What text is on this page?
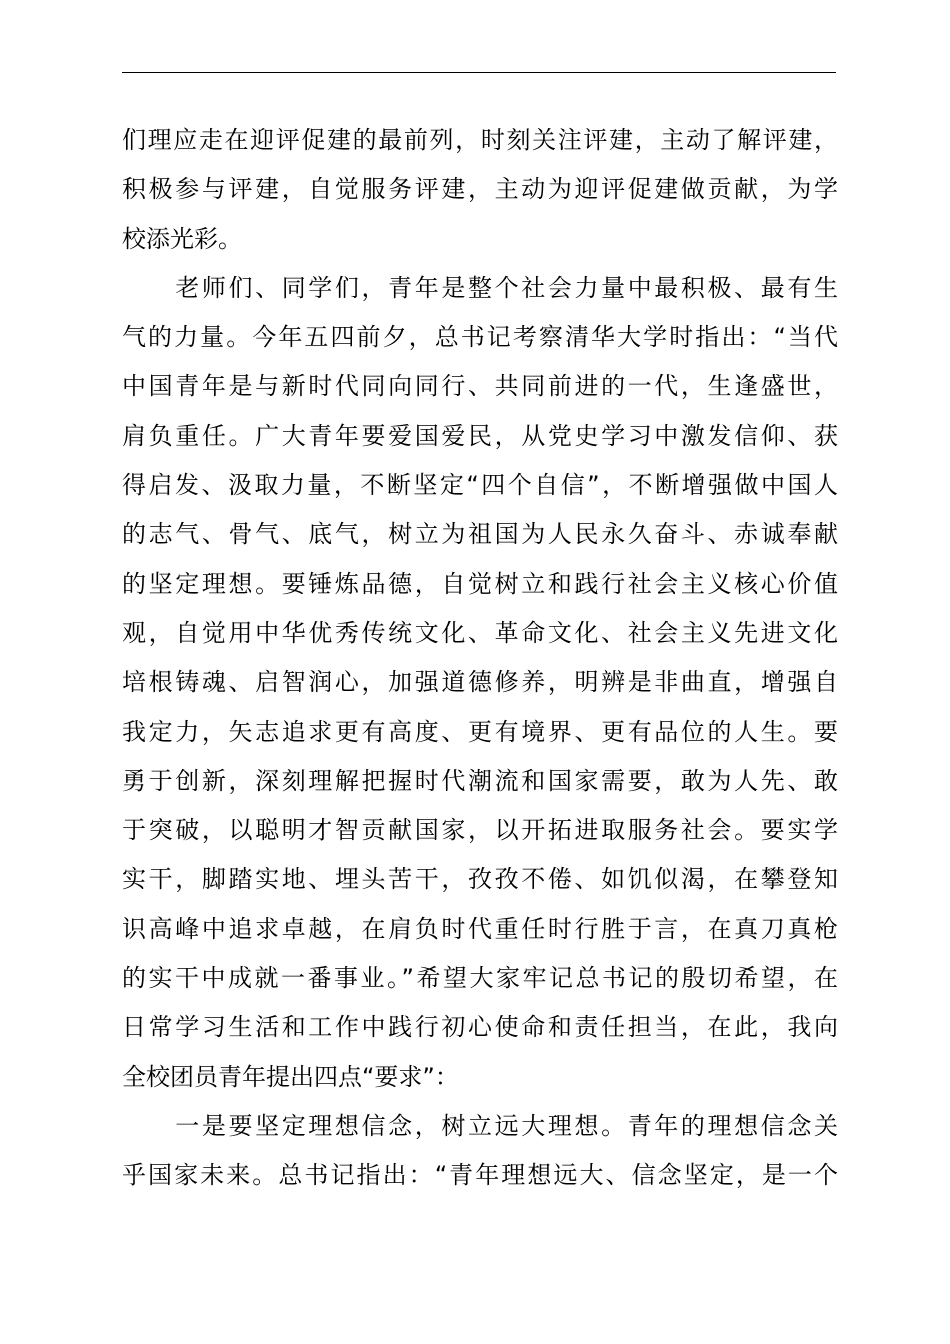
们理应走在迎评促建的最前列，时刻关注评建，主动了解评建，
积极参与评建，自觉服务评建，主动为迎评促建做贡献，为学
校添光彩。
　　老师们、同学们，青年是整个社会力量中最积极、最有生
气的力量。今年五四前夕，总书记考察清华大学时指出：“当代
中国青年是与新时代同向同行、共同前进的一代，生逢盛世，
肩负重任。广大青年要爱国爱民，从党史学习中激发信仰、获
得启发、汲取力量，不断坚定“四个自信”，不断增强做中国人
的志气、骨气、底气，树立为祖国为人民永久奋斗、赤诚奉献
的坚定理想。要锤炼品德，自觉树立和践行社会主义核心价值
观，自觉用中华优秀传统文化、革命文化、社会主义先进文化
培根铸魂、启智润心，加强道德修养，明辨是非曲直，增强自
我定力，矢志追求更有高度、更有境界、更有品位的人生。要
勇于创新，深刻理解把握时代潮流和国家需要，敢为人先、敢
于突破，以聪明才智贡献国家，以开拓进取服务社会。要实学
实干，脚踏实地、埋头苦干，孜孜不倦、如饥似渴，在攀登知
识高峰中追求卓越，在肩负时代重任时行胜于言，在真刀真枪
的实干中成就一番事业。”希望大家牢记总书记的殷切希望，在
日常学习生活和工作中践行初心使命和责任担当，在此，我向
全校团员青年提出四点“要求”：
　　一是要坚定理想信念，树立远大理想。青年的理想信念关
乎国家未来。总书记指出：“青年理想远大、信念坚定，是一个
